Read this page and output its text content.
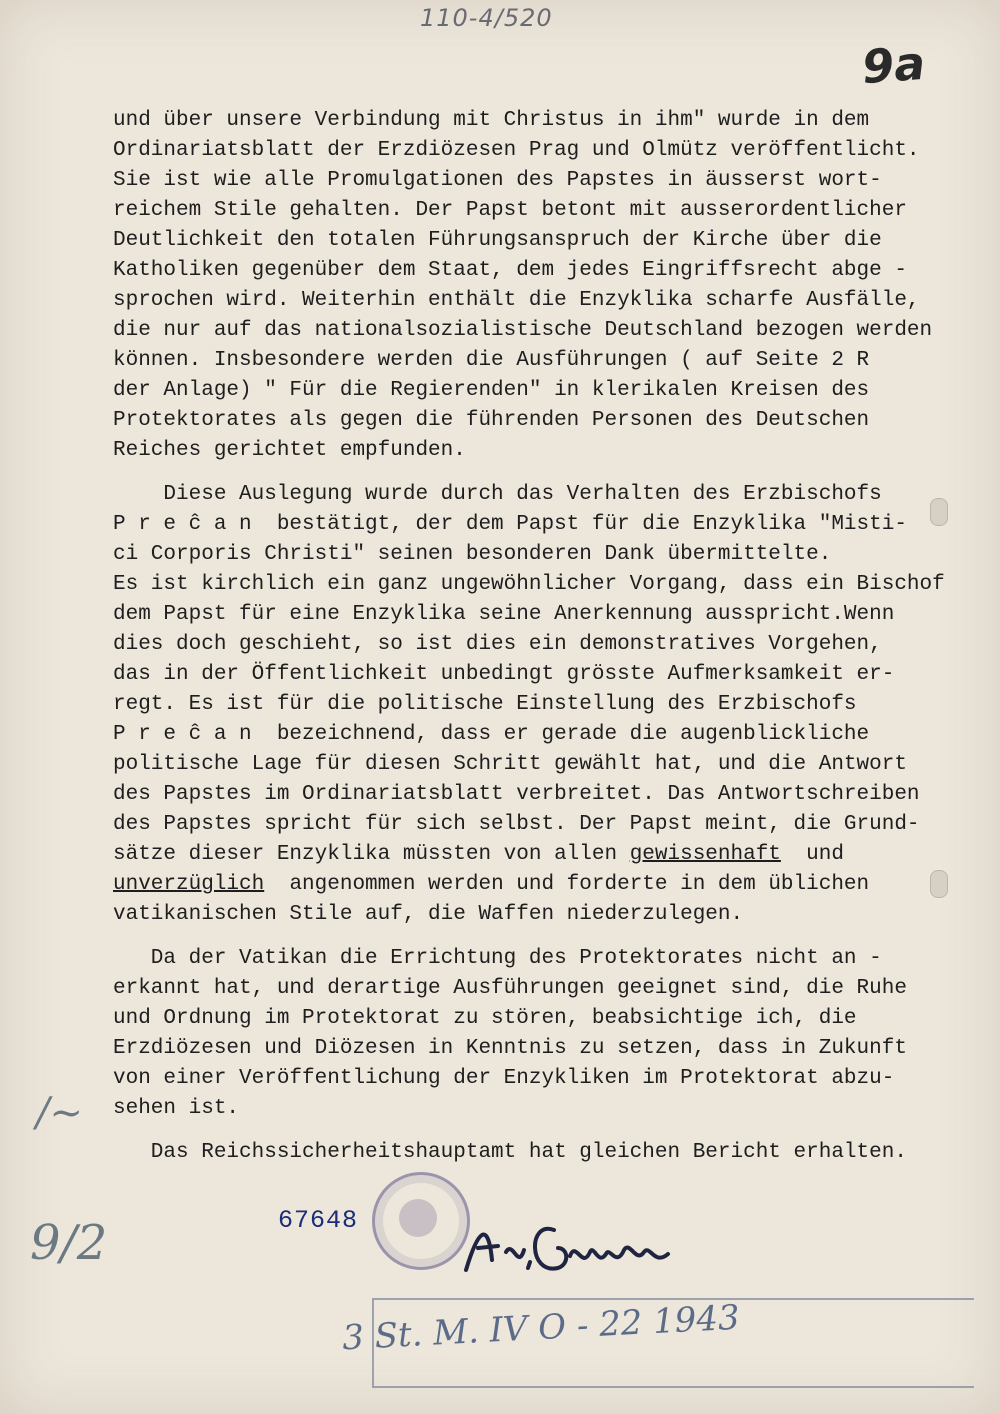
110-4/520

9a
und über unsere Verbindung mit Christus in ihm" wurde in dem
Ordinariatsblatt der Erzdiözesen Prag und Olmütz veröffentlicht.
Sie ist wie alle Promulgationen des Papstes in äusserst wort-
reichem Stile gehalten. Der Papst betont mit ausserordentlicher
Deutlichkeit den totalen Führungsanspruch der Kirche über die
Katholiken gegenüber dem Staat, dem jedes Eingriffsrecht abge -
sprochen wird. Weiterhin enthält die Enzyklika scharfe Ausfälle,
die nur auf das nationalsozialistische Deutschland bezogen werden
können. Insbesondere werden die Ausführungen ( auf Seite 2 R
der Anlage) " Für die Regierenden" in klerikalen Kreisen des
Protektorates als gegen die führenden Personen des Deutschen
Reiches gerichtet empfunden.
Diese Auslegung wurde durch das Verhalten des Erzbischofs
P r e ĉ a n  bestätigt, der dem Papst für die Enzyklika "Misti-
ci Corporis Christi" seinen besonderen Dank übermittelte.
Es ist kirchlich ein ganz ungewöhnlicher Vorgang, dass ein Bischof
dem Papst für eine Enzyklika seine Anerkennung ausspricht.Wenn
dies doch geschieht, so ist dies ein demonstratives Vorgehen,
das in der Öffentlichkeit unbedingt grösste Aufmerksamkeit er-
regt. Es ist für die politische Einstellung des Erzbischofs
P r e ĉ a n  bezeichnend, dass er gerade die augenblickliche
politische Lage für diesen Schritt gewählt hat, und die Antwort
des Papstes im Ordinariatsblatt verbreitet. Das Antwortschreiben
des Papstes spricht für sich selbst. Der Papst meint, die Grund-
sätze dieser Enzyklika müssten von allen gewissenhaft  und
unverzüglich  angenommen werden und forderte in dem üblichen
vatikanischen Stile auf, die Waffen niederzulegen.
Da der Vatikan die Errichtung des Protektorates nicht an -
erkannt hat, und derartige Ausführungen geeignet sind, die Ruhe
und Ordnung im Protektorat zu stören, beabsichtige ich, die
Erzdiözesen und Diözesen in Kenntnis zu setzen, dass in Zukunft
von einer Veröffentlichung der Enzykliken im Protektorat abzu-
sehen ist.
Das Reichssicherheitshauptamt hat gleichen Bericht erhalten.
67648
/~
9/2
3 St. M. IV O - 22 1943
